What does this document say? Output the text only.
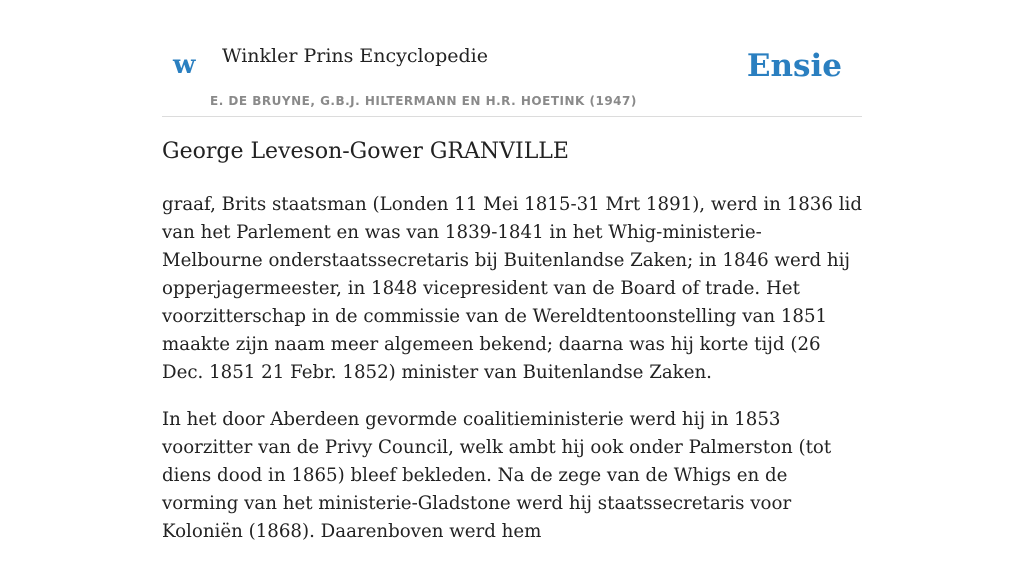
w Winkler Prins Encyclopedie
E. DE BRUYNE, G.B.J. HILTERMANN EN H.R. HOETINK (1947)
Ensie
George Leveson-Gower GRANVILLE

graaf, Brits staatsman (Londen 11 Mei 1815-31 Mrt 1891), werd in 1836 lid van het Parlement en was van 1839-1841 in het Whig-ministerie-Melbourne onderstaatssecretaris bij Buitenlandse Zaken; in 1846 werd hij opperjagermeester, in 1848 vicepresident van de Board of trade. Het voorzitterschap in de commissie van de Wereldtentoonstelling van 1851 maakte zijn naam meer algemeen bekend; daarna was hij korte tijd (26 Dec. 1851 21 Febr. 1852) minister van Buitenlandse Zaken.

In het door Aberdeen gevormde coalitieministerie werd hij in 1853 voorzitter van de Privy Council, welk ambt hij ook onder Palmerston (tot diens dood in 1865) bleef bekleden. Na de zege van de Whigs en de vorming van het ministerie-Gladstone werd hij staatssecretaris voor Koloniën (1868). Daarenboven werd hem
